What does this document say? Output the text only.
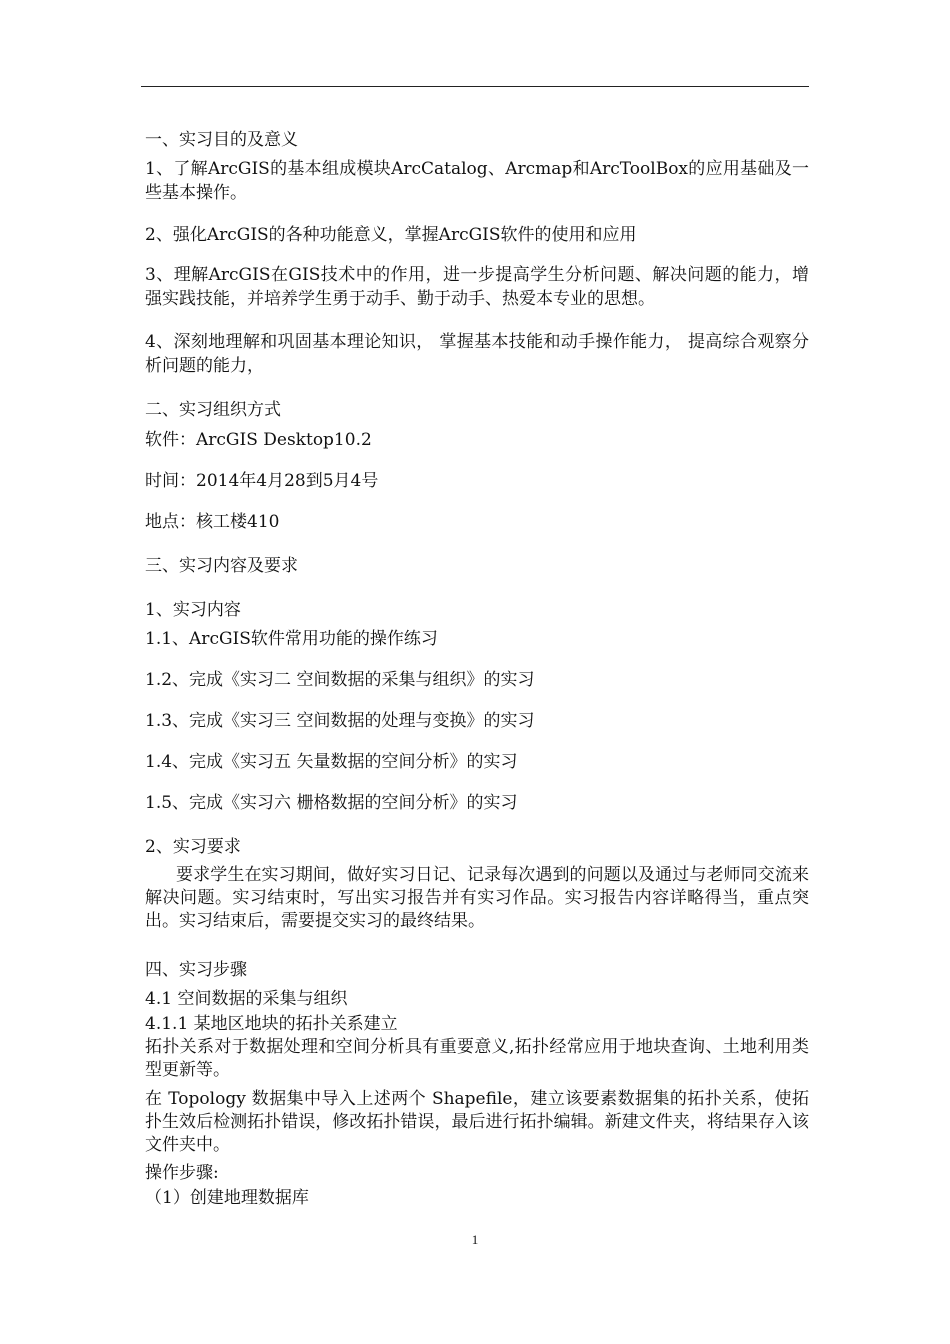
一、实习目的及意义
1、了解ArcGIS的基本组成模块ArcCatalog、Arcmap和ArcToolBox的应用基础及一些基本操作。
2、强化ArcGIS的各种功能意义，掌握ArcGIS软件的使用和应用
3、理解ArcGIS在GIS技术中的作用，进一步提高学生分析问题、解决问题的能力，增强实践技能，并培养学生勇于动手、勤于动手、热爱本专业的思想。
4、深刻地理解和巩固基本理论知识， 掌握基本技能和动手操作能力， 提高综合观察分析问题的能力，
二、实习组织方式
软件：ArcGIS Desktop10.2
时间：2014年4月28到5月4号
地点：核工楼410
三、实习内容及要求
1、实习内容
1.1、ArcGIS软件常用功能的操作练习
1.2、完成《实习二 空间数据的采集与组织》的实习
1.3、完成《实习三 空间数据的处理与变换》的实习
1.4、完成《实习五 矢量数据的空间分析》的实习
1.5、完成《实习六 栅格数据的空间分析》的实习
2、实习要求
要求学生在实习期间，做好实习日记、记录每次遇到的问题以及通过与老师同交流来解决问题。实习结束时，写出实习报告并有实习作品。实习报告内容详略得当，重点突出。实习结束后，需要提交实习的最终结果。
四、实习步骤
4.1 空间数据的采集与组织
4.1.1 某地区地块的拓扑关系建立
拓扑关系对于数据处理和空间分析具有重要意义,拓扑经常应用于地块查询、土地利用类型更新等。
在 Topology 数据集中导入上述两个 Shapefile，建立该要素数据集的拓扑关系，使拓扑生效后检测拓扑错误，修改拓扑错误，最后进行拓扑编辑。新建文件夹，将结果存入该文件夹中。
操作步骤:
（1）创建地理数据库
1
